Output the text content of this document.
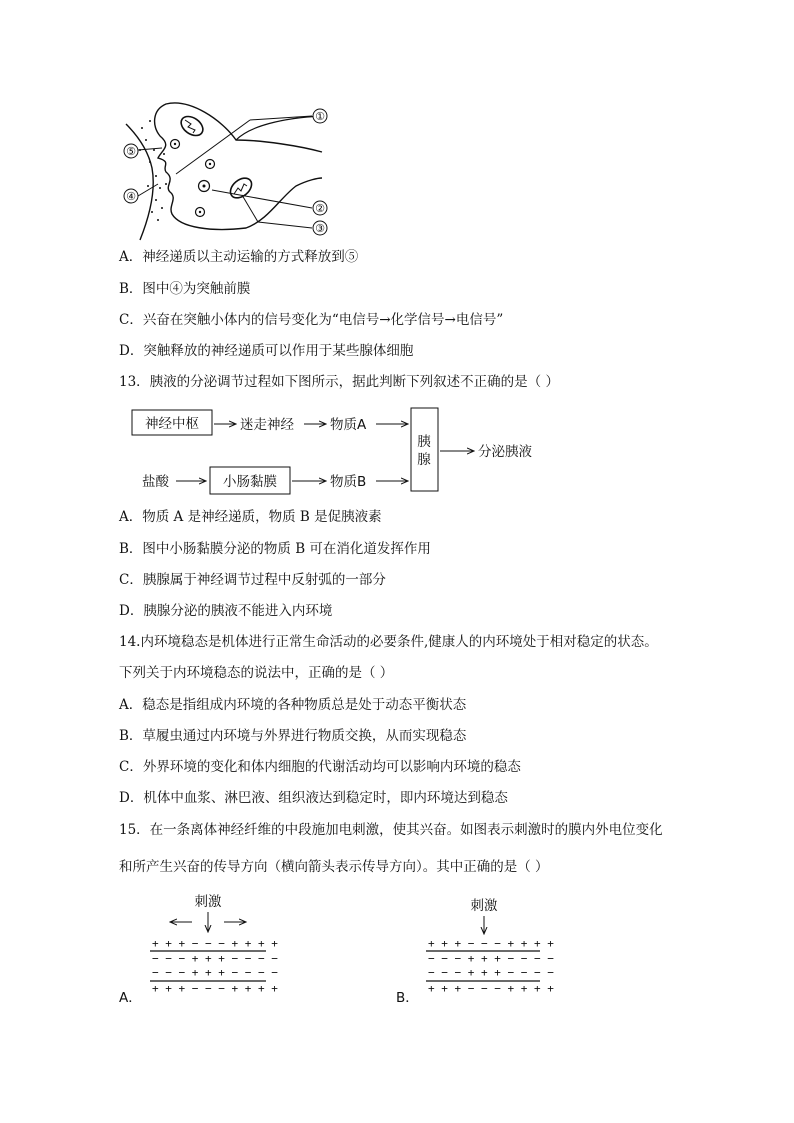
①
②
③
④
⑤
A．神经递质以主动运输的方式释放到⑤
B．图中④为突触前膜
C．兴奋在突触小体内的信号变化为“电信号→化学信号→电信号”
D．突触释放的神经递质可以作用于某些腺体细胞
13．胰液的分泌调节过程如下图所示，据此判断下列叙述不正确的是（ ）
神经中枢	迷走神经	物质A
盐酸	小肠黏膜	物质B
胰
腺	分泌胰液
A．物质 A 是神经递质，物质 B 是促胰液素
B．图中小肠黏膜分泌的物质 B 可在消化道发挥作用
C．胰腺属于神经调节过程中反射弧的一部分
D．胰腺分泌的胰液不能进入内环境
14.内环境稳态是机体进行正常生命活动的必要条件,健康人的内环境处于相对稳定的状态。
下列关于内环境稳态的说法中，正确的是（ ）
A．稳态是指组成内环境的各种物质总是处于动态平衡状态
B．草履虫通过内环境与外界进行物质交换，从而实现稳态
C．外界环境的变化和体内细胞的代谢活动均可以影响内环境的稳态
D．机体中血浆、淋巴液、组织液达到稳定时，即内环境达到稳态
15．在一条离体神经纤维的中段施加电刺激，使其兴奋。如图表示刺激时的膜内外电位变化
和所产生兴奋的传导方向（横向箭头表示传导方向）。其中正确的是（ ）
刺激
+ + + − − − + + + +
− − − + + + − − − −
− − − + + + − − − −
+ + + − − − + + + +
A．
刺激
+ + + − − − + + + +
− − − + + + − − − −
− − − + + + − − − −
+ + + − − − + + + +
B．
